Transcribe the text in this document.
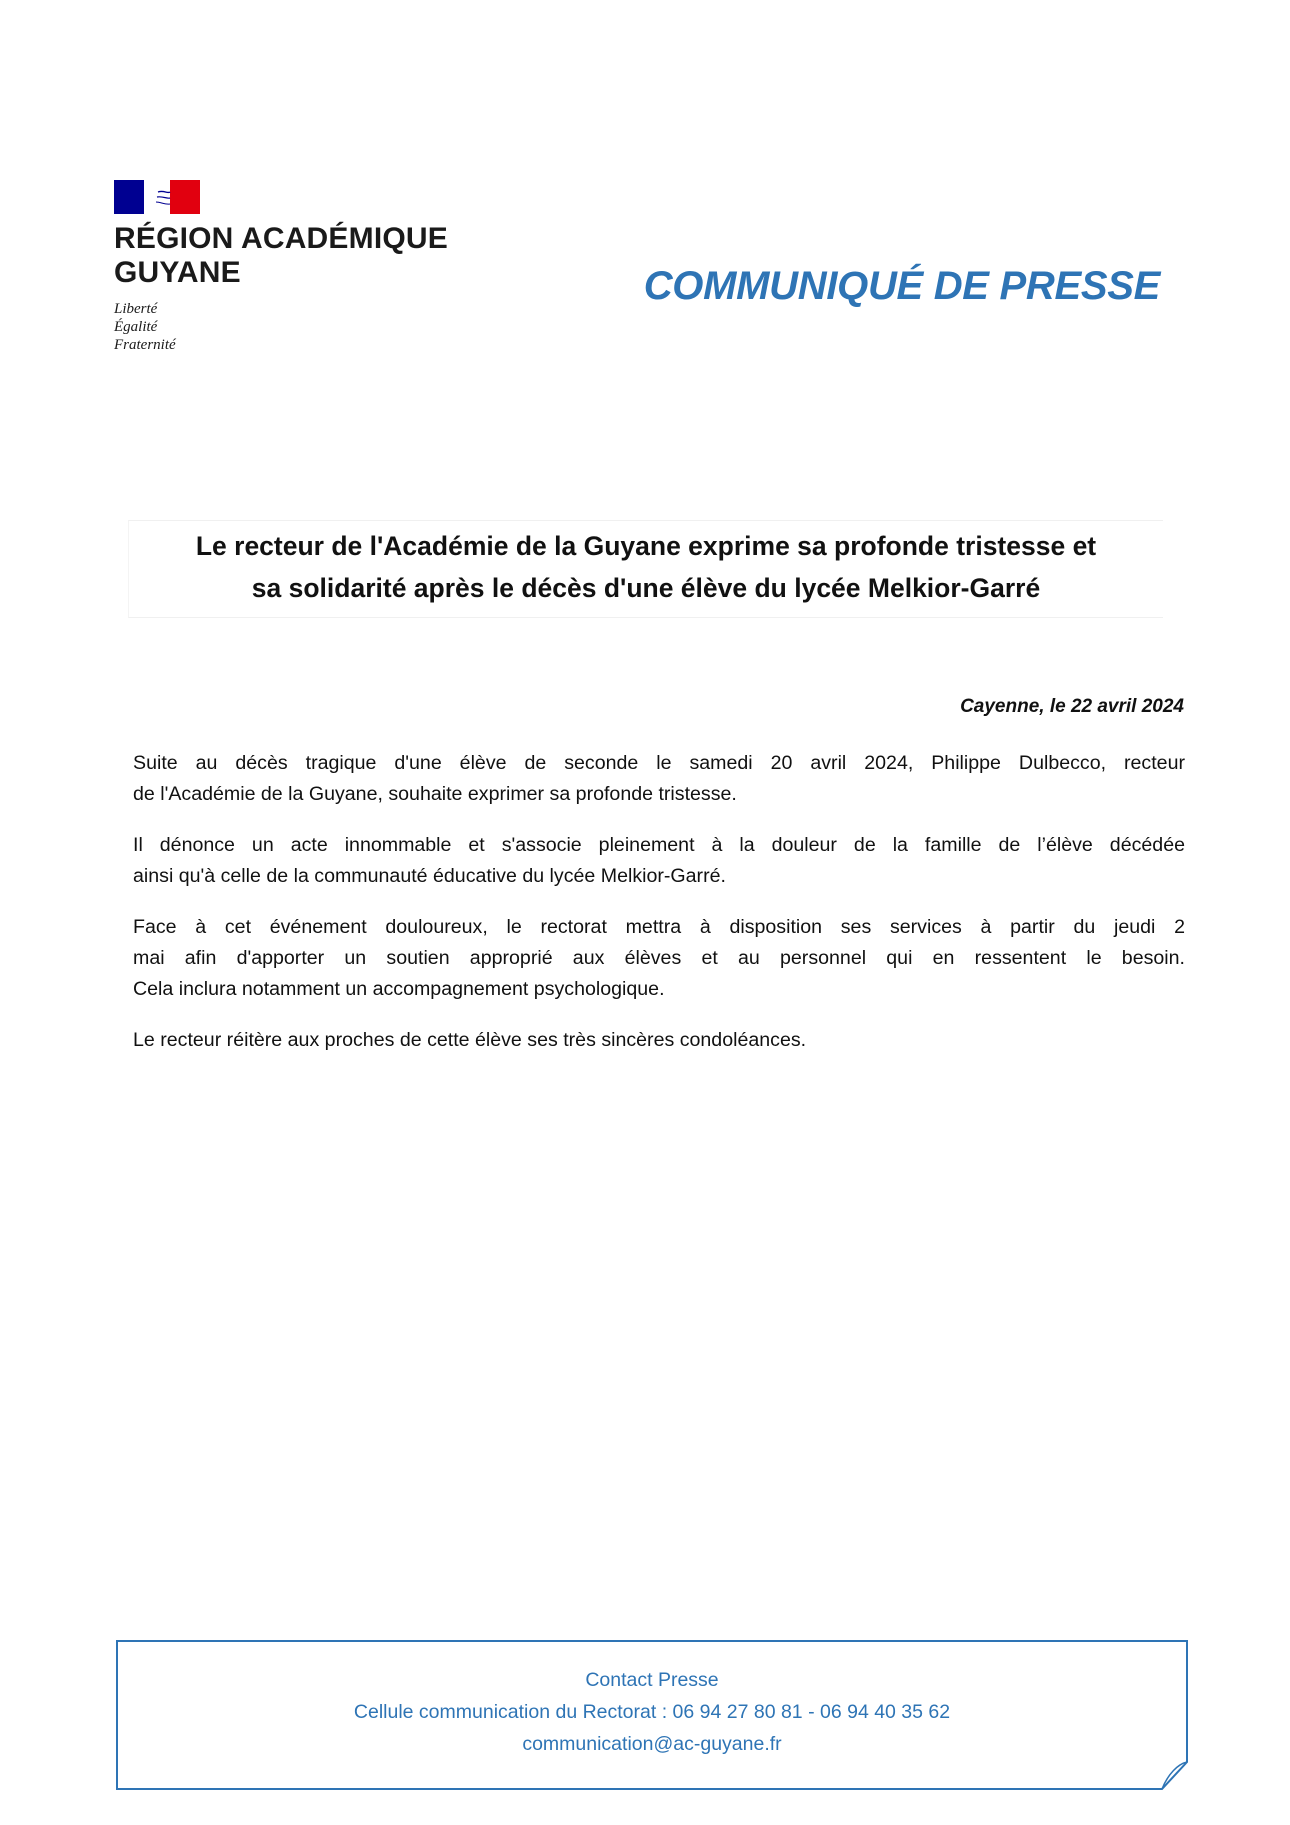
RÉGION ACADÉMIQUE
GUYANE
Liberté
Égalité
Fraternité
COMMUNIQUÉ DE PRESSE
Le recteur de l'Académie de la Guyane exprime sa profonde tristesse et
sa solidarité après le décès d'une élève du lycée Melkior-Garré
Cayenne, le 22 avril 2024

Suite au décès tragique d'une élève de seconde le samedi 20 avril 2024, Philippe Dulbecco, recteur
de l'Académie de la Guyane, souhaite exprimer sa profonde tristesse.

Il dénonce un acte innommable et s'associe pleinement à la douleur de la famille de l’élève décédée
ainsi qu'à celle de la communauté éducative du lycée Melkior-Garré.

Face à cet événement douloureux, le rectorat mettra à disposition ses services à partir du jeudi 2
mai afin d'apporter un soutien approprié aux élèves et au personnel qui en ressentent le besoin.
Cela inclura notamment un accompagnement psychologique.

Le recteur réitère aux proches de cette élève ses très sincères condoléances.

Contact Presse
Cellule communication du Rectorat : 06 94 27 80 81 - 06 94 40 35 62
communication@ac-guyane.fr
